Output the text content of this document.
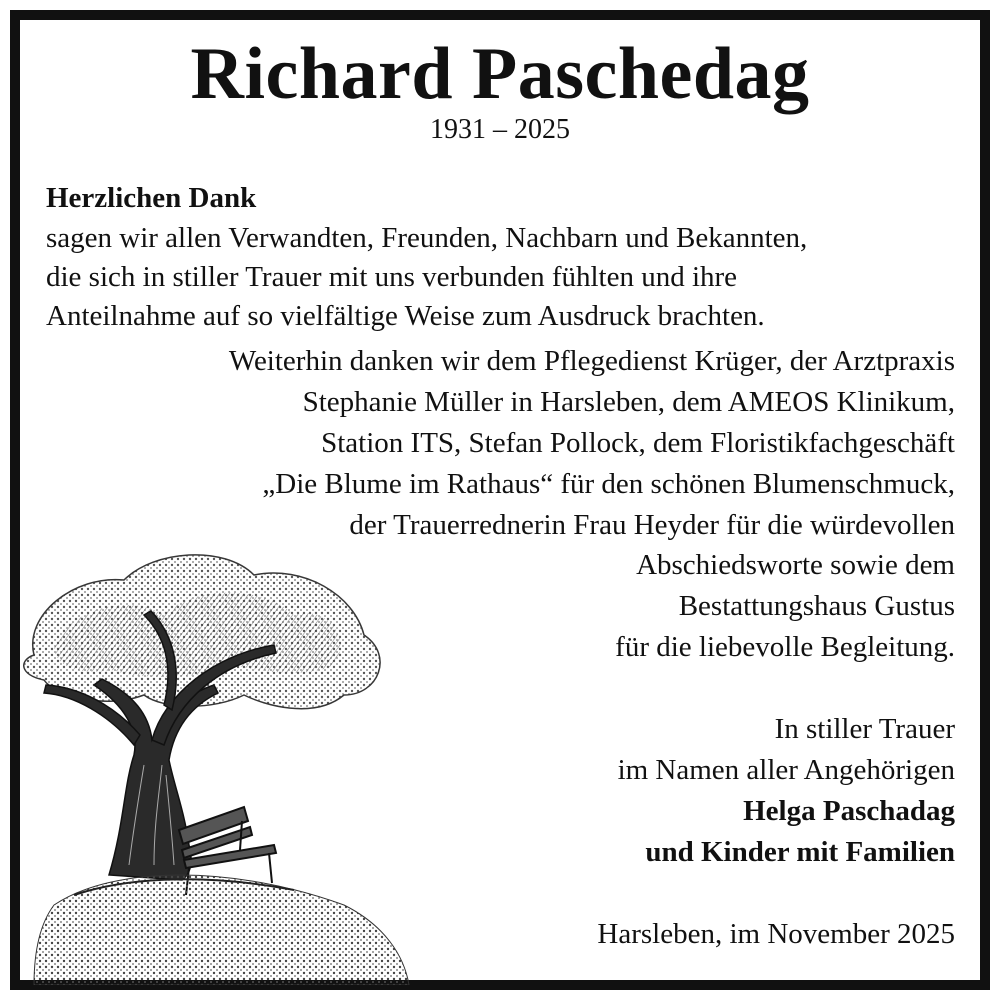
Richard Paschedag
1931 – 2025
Herzlichen Dank
sagen wir allen Verwandten, Freunden, Nachbarn und Bekannten,
die sich in stiller Trauer mit uns verbunden fühlten und ihre
Anteilnahme auf so vielfältige Weise zum Ausdruck brachten.
Weiterhin danken wir dem Pflegedienst Krüger, der Arztpraxis
Stephanie Müller in Harsleben, dem AMEOS Klinikum,
Station ITS, Stefan Pollock, dem Floristikfachgeschäft
„Die Blume im Rathaus“ für den schönen Blumenschmuck,
der Trauerrednerin Frau Heyder für die würdevollen
Abschiedsworte sowie dem
Bestattungshaus Gustus
für die liebevolle Begleitung.
In stiller Trauer
im Namen aller Angehörigen
Helga Paschadag
und Kinder mit Familien
Harsleben, im November 2025
